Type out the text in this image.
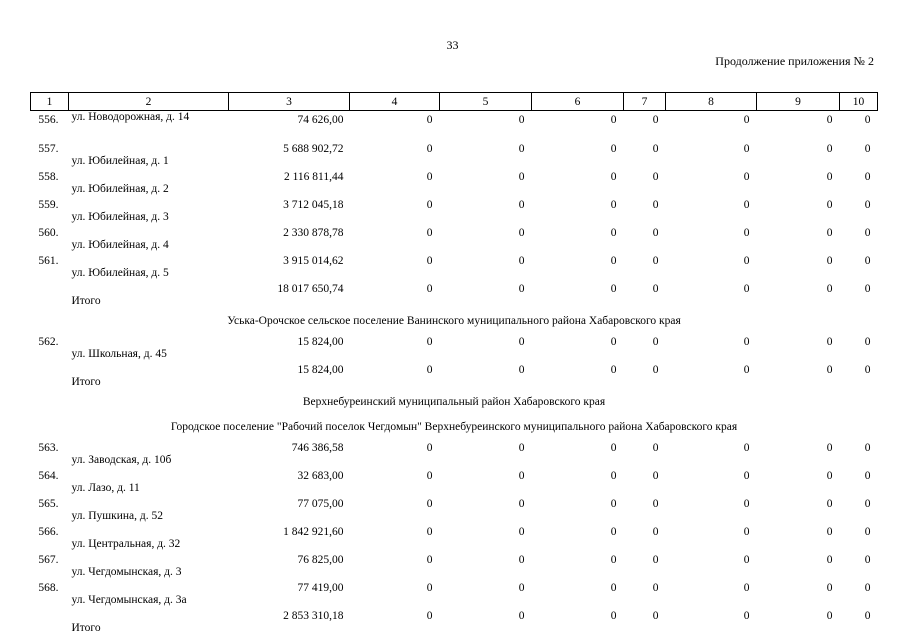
33
Продолжение приложения № 2
1	2	3	4	5	6	7	8	9	10
556.	ул. Новодорожная, д. 14	74 626,00	0	0	0	0	0	0	0
557.	ул. Юбилейная, д. 1	5 688 902,72	0	0	0	0	0	0	0
558.	ул. Юбилейная, д. 2	2 116 811,44	0	0	0	0	0	0	0
559.	ул. Юбилейная, д. 3	3 712 045,18	0	0	0	0	0	0	0
560.	ул. Юбилейная, д. 4	2 330 878,78	0	0	0	0	0	0	0
561.	ул. Юбилейная, д. 5	3 915 014,62	0	0	0	0	0	0	0
	Итого	18 017 650,74	0	0	0	0	0	0	0
Уська-Орочское сельское поселение Ванинского муниципального района Хабаровского края									
562.	ул. Школьная, д. 45	15 824,00	0	0	0	0	0	0	0
	Итого	15 824,00	0	0	0	0	0	0	0
Верхнебуреинский муниципальный район Хабаровского края									
Городское поселение "Рабочий поселок Чегдомын" Верхнебуреинского муниципального района Хабаровского края									
563.	ул. Заводская, д. 10б	746 386,58	0	0	0	0	0	0	0
564.	ул. Лазо, д. 11	32 683,00	0	0	0	0	0	0	0
565.	ул. Пушкина, д. 52	77 075,00	0	0	0	0	0	0	0
566.	ул. Центральная, д. 32	1 842 921,60	0	0	0	0	0	0	0
567.	ул. Чегдомынская, д. 3	76 825,00	0	0	0	0	0	0	0
568.	ул. Чегдомынская, д. 3а	77 419,00	0	0	0	0	0	0	0
	Итого	2 853 310,18	0	0	0	0	0	0	0
